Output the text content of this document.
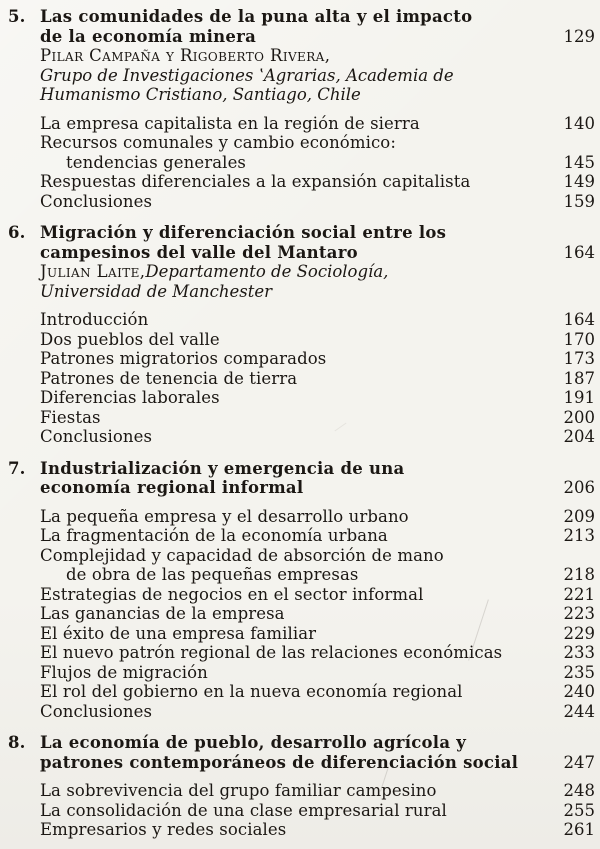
5. Las comunidades de la puna alta y el impacto
de la economía minera	129
Pilar Campaña y Rigoberto Rivera,
Grupo de Investigaciones ʽAgrarias, Academia de
Humanismo Cristiano, Santiago, Chile
La empresa capitalista en la región de sierra	140
Recursos comunales y cambio económico:
tendencias generales	145
Respuestas diferenciales a la expansión capitalista	149
Conclusiones	159
6. Migración y diferenciación social entre los
campesinos del valle del Mantaro	164
Julian Laite, Departamento de Sociología,
Universidad de Manchester
Introducción	164
Dos pueblos del valle	170
Patrones migratorios comparados	173
Patrones de tenencia de tierra	187
Diferencias laborales	191
Fiestas	200
Conclusiones	204
7. Industrialización y emergencia de una
economía regional informal	206
La pequeña empresa y el desarrollo urbano	209
La fragmentación de la economía urbana	213
Complejidad y capacidad de absorción de mano
de obra de las pequeñas empresas	218
Estrategias de negocios en el sector informal	221
Las ganancias de la empresa	223
El éxito de una empresa familiar	229
El nuevo patrón regional de las relaciones económicas	233
Flujos de migración	235
El rol del gobierno en la nueva economía regional	240
Conclusiones	244
8. La economía de pueblo, desarrollo agrícola y
patrones contemporáneos de diferenciación social	247
La sobrevivencia del grupo familiar campesino	248
La consolidación de una clase empresarial rural	255
Empresarios y redes sociales	261
